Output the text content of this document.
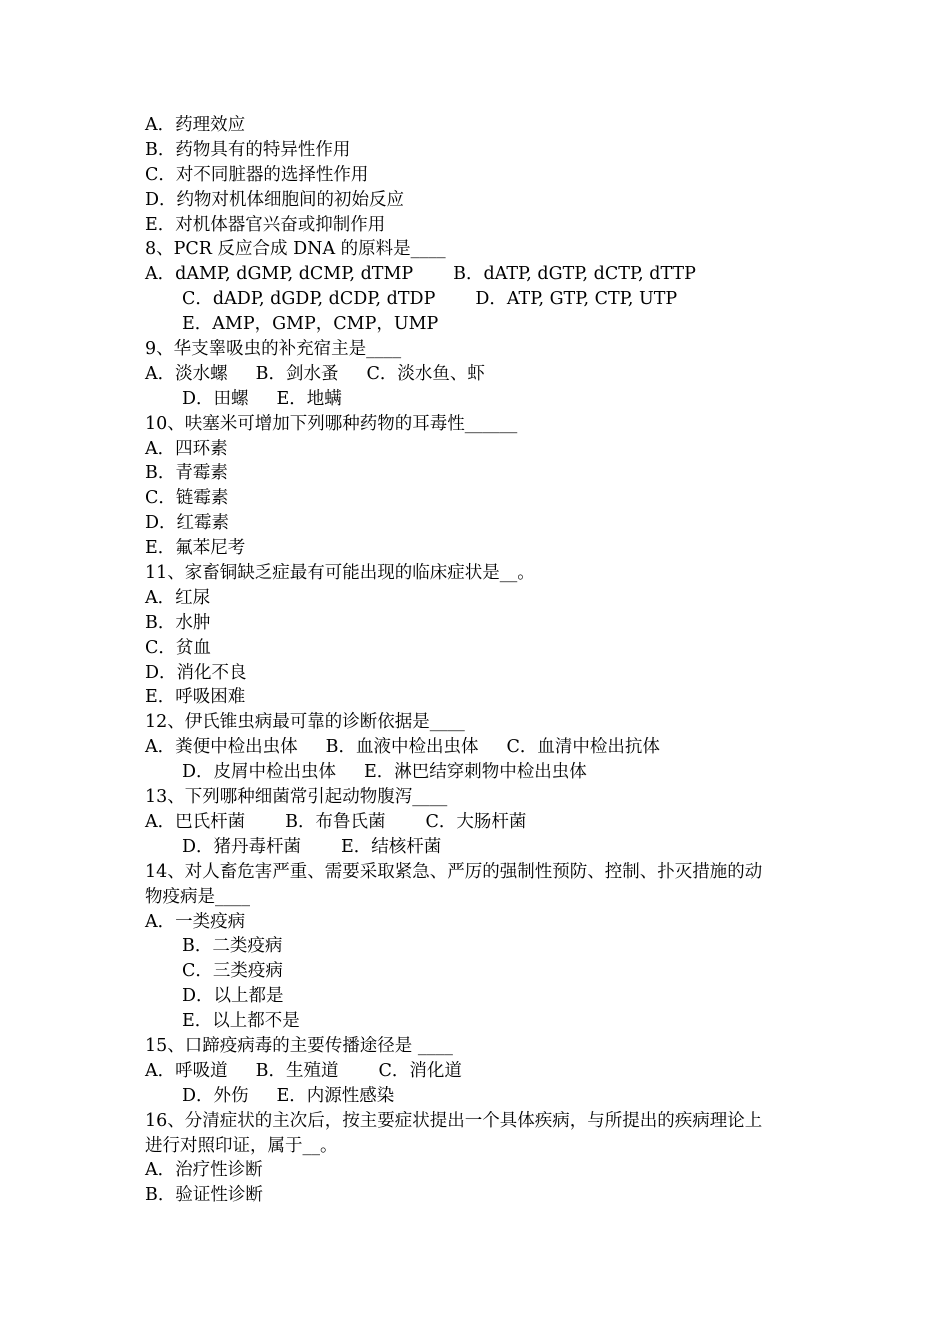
A．药理效应
B．药物具有的特异性作用
C．对不同脏器的选择性作用
D．约物对机体细胞间的初始反应
E．对机体器官兴奋或抑制作用
8、PCR 反应合成 DNA 的原料是____
A．dAMP, dGMP, dCMP, dTMP B．dATP, dGTP, dCTP, dTTP
C．dADP, dGDP, dCDP, dTDP D．ATP, GTP, CTP, UTP
E．AMP，GMP，CMP，UMP
9、华支睾吸虫的补充宿主是____
A．淡水螺 B．剑水蚤 C．淡水鱼、虾
D．田螺 E．地螨
10、呋塞米可增加下列哪种药物的耳毒性______
A．四环素
B．青霉素
C．链霉素
D．红霉素
E．氟苯尼考
11、家畜铜缺乏症最有可能出现的临床症状是__。
A．红尿
B．水肿
C．贫血
D．消化不良
E．呼吸困难
12、伊氏锥虫病最可靠的诊断依据是____
A．粪便中检出虫体 B．血液中检出虫体 C．血清中检出抗体
D．皮屑中检出虫体 E．淋巴结穿刺物中检出虫体
13、下列哪种细菌常引起动物腹泻____
A．巴氏杆菌 B．布鲁氏菌 C．大肠杆菌
D．猪丹毒杆菌 E．结核杆菌
14、对人畜危害严重、需要采取紧急、严厉的强制性预防、控制、扑灭措施的动
物疫病是____
A．一类疫病
B．二类疫病
C．三类疫病
D．以上都是
E．以上都不是
15、口蹄疫病毒的主要传播途径是 ____
A．呼吸道 B．生殖道 C．消化道
D．外伤 E．内源性感染
16、分清症状的主次后，按主要症状提出一个具体疾病，与所提出的疾病理论上
进行对照印证，属于__。
A．治疗性诊断
B．验证性诊断
